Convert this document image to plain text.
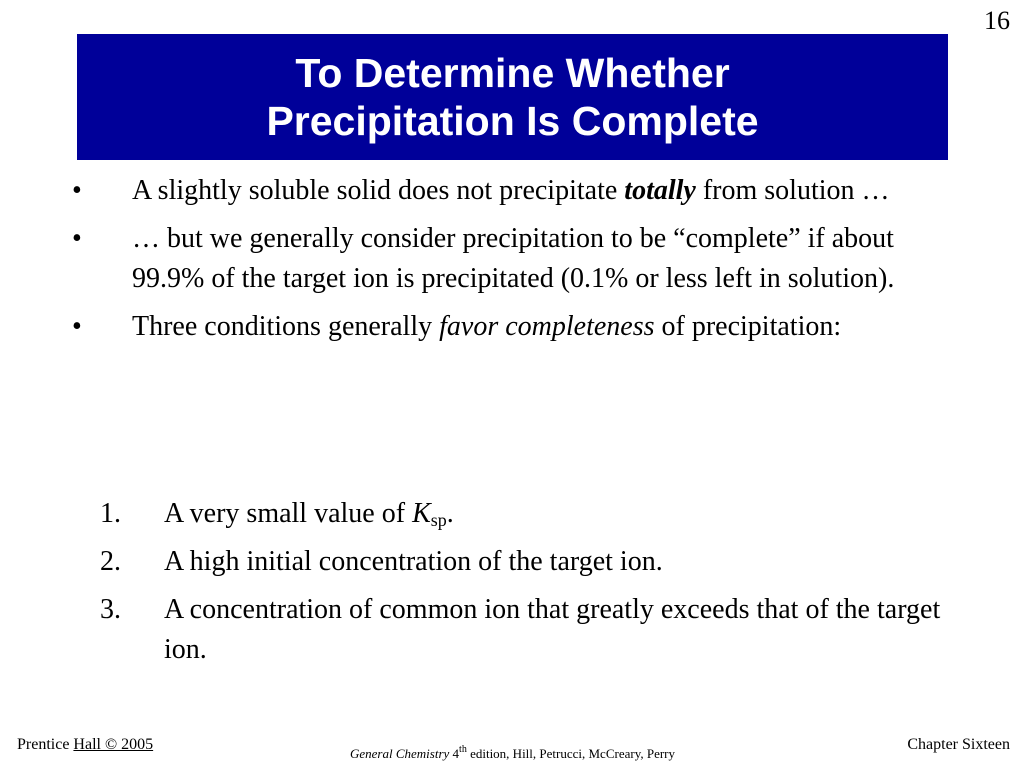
16
To Determine Whether
Precipitation Is Complete
•	A slightly soluble solid does not precipitate totally from solution …
•	… but we generally consider precipitation to be “complete” if about 99.9% of the target ion is precipitated (0.1% or less left in solution).
•	Three conditions generally favor completeness of precipitation:
1.	A very small value of $K_{sp}$.
2.	A high initial concentration of the target ion.
3.	A concentration of common ion that greatly exceeds that of the target ion.
Prentice Hall © 2005
General Chemistry 4th edition, Hill, Petrucci, McCreary, Perry
Chapter Sixteen
